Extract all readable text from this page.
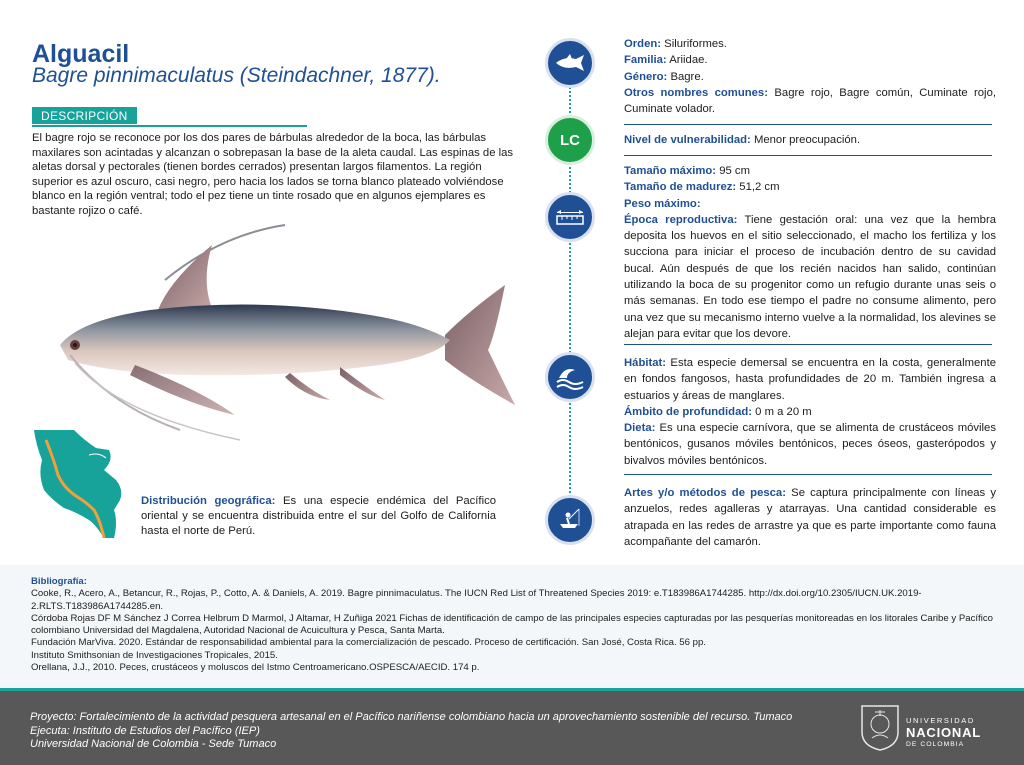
Alguacil
Bagre pinnimaculatus (Steindachner, 1877).
DESCRIPCIÓN
El bagre rojo se reconoce por los dos pares de bárbulas alrededor de la boca, las bárbulas maxilares son acintadas y alcanzan o sobrepasan la base de la aleta caudal. Las espinas de las aletas dorsal y pectorales (tienen bordes cerrados) presentan largos filamentos. La región superior es azul oscuro, casi negro, pero hacia los lados se torna blanco plateado volviéndose blanco en la región ventral; todo el pez tiene un tinte rosado que en algunos ejemplares es bastante rojizo o café.
Distribución geográfica: Es una especie endémica del Pacífico oriental y se encuentra distribuida entre el sur del Golfo de California hasta el norte de Perú.
LC
Orden: Siluriformes.
Familia: Ariidae.
Género: Bagre.
Otros nombres comunes: Bagre rojo, Bagre común, Cuminate rojo, Cuminate volador.
Nivel de vulnerabilidad: Menor preocupación.
Tamaño máximo: 95 cm
Tamaño de madurez: 51,2 cm
Peso máximo:
Época reproductiva: Tiene gestación oral: una vez que la hembra deposita los huevos en el sitio seleccionado, el macho los fertiliza y los succiona para iniciar el proceso de incubación dentro de su cavidad bucal. Aún después de que los recién nacidos han salido, continúan utilizando la boca de su progenitor como un refugio durante unas seis o más semanas. En todo ese tiempo el padre no consume alimento, pero una vez que su mecanismo interno vuelve a la normalidad, los alevines se alejan para evitar que los devore.
Hábitat: Esta especie demersal se encuentra en la costa, generalmente en fondos fangosos, hasta profundidades de 20 m. También ingresa a estuarios y áreas de manglares.
Ámbito de profundidad: 0 m a 20 m
Dieta: Es una especie carnívora, que se alimenta de crustáceos móviles bentónicos, gusanos móviles bentónicos, peces óseos, gasterópodos y bivalvos móviles bentónicos.
Artes y/o métodos de pesca: Se captura principalmente con líneas y anzuelos, redes agalleras y atarrayas. Una cantidad considerable es atrapada en las redes de arrastre ya que es parte importante como fauna acompañante del camarón.
Bibliografía:
Cooke, R., Acero, A., Betancur, R., Rojas, P., Cotto, A. & Daniels, A. 2019. Bagre pinnimaculatus. The IUCN Red List of Threatened Species 2019: e.T183986A1744285. http://dx.doi.org/10.2305/IUCN.UK.2019-2.RLTS.T183986A1744285.en.
Córdoba Rojas DF M Sánchez J Correa Helbrum D Marmol, J Altamar, H Zuñiga 2021 Fichas de identificación de campo de las principales especies capturadas por las pesquerías monitoreadas en los litorales Caribe y Pacífico colombiano Universidad del Magdalena, Autoridad Nacional de Acuicultura y Pesca, Santa Marta.
Fundación MarViva. 2020. Estándar de responsabilidad ambiental para la comercialización de pescado. Proceso de certificación. San José, Costa Rica. 56 pp.
Instituto Smithsonian de Investigaciones Tropicales, 2015.
Orellana, J.J., 2010. Peces, crustáceos y moluscos del Istmo Centroamericano.OSPESCA/AECID. 174 p.
Proyecto: Fortalecimiento de la actividad pesquera artesanal en el Pacífico nariñense colombiano hacia un aprovechamiento sostenible del recurso. Tumaco
Ejecuta: Instituto de Estudios del Pacífico (IEP)
Universidad Nacional de Colombia - Sede Tumaco
UNIVERSIDAD
NACIONAL
DE COLOMBIA
